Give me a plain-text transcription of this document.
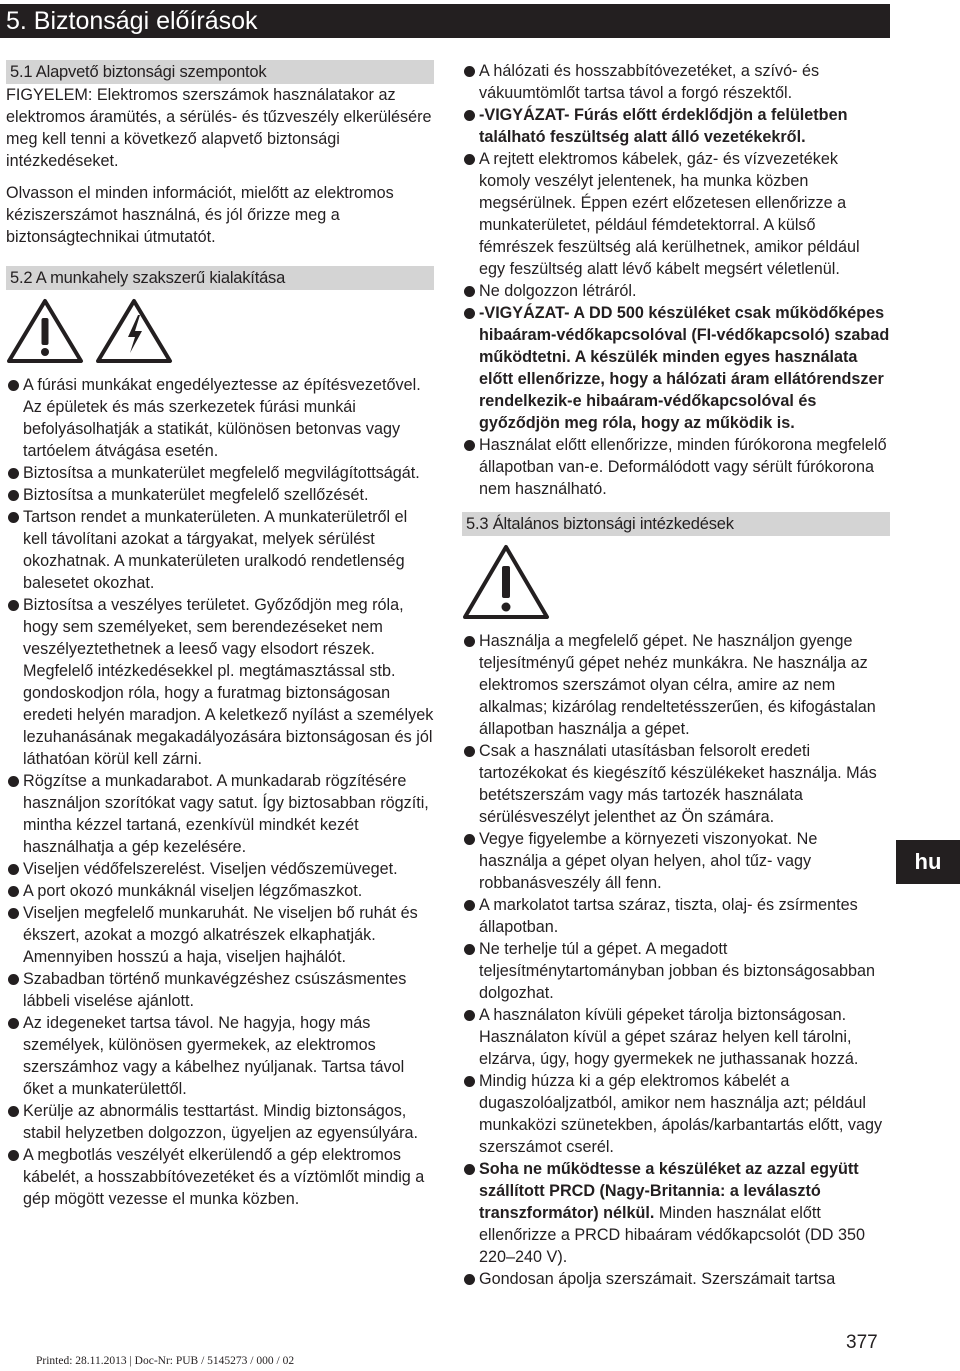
5. Biztonsági előírások
5.1 Alapvető biztonsági szempontok

FIGYELEM: Elektromos szerszámok használatakor az elektromos áramütés, a sérülés- és tűzveszély elkerülésére meg kell tenni a következő alapvető biztonsági intézkedéseket.

Olvasson el minden információt, mielőtt az elektromos kéziszerszámot használná, és jól őrizze meg a biztonságtechnikai útmutatót.

5.2 A munkahely szakszerű kialakítása

A fúrási munkákat engedélyeztesse az építésvezetővel. Az épületek és más szerkezetek fúrási munkái befolyásolhatják a statikát, különösen betonvas vagy tartóelem átvágása esetén.
Biztosítsa a munkaterület megfelelő megvilágítottságát.
Biztosítsa a munkaterület megfelelő szellőzését.
Tartson rendet a munkaterületen. A munkaterületről el kell távolítani azokat a tárgyakat, melyek sérülést okozhatnak. A munkaterületen uralkodó rendetlenség balesetet okozhat.
Biztosítsa a veszélyes területet. Győződjön meg róla, hogy sem személyeket, sem berendezéseket nem veszélyeztethetnek a leeső vagy elsodort részek. Megfelelő intézkedésekkel pl. megtámasztással stb. gondoskodjon róla, hogy a furatmag biztonságosan eredeti helyén maradjon. A keletkező nyílást a személyek lezuhanásának megakadályozására biztonságosan és jól láthatóan körül kell zárni.
Rögzítse a munkadarabot. A munkadarab rögzítésére használjon szorítókat vagy satut. Így biztosabban rögzíti, mintha kézzel tartaná, ezenkívül mindkét kezét használhatja a gép kezelésére.
Viseljen védőfelszerelést. Viseljen védőszemüveget.
A port okozó munkáknál viseljen légzőmaszkot.
Viseljen megfelelő munkaruhát. Ne viseljen bő ruhát és ékszert, azokat a mozgó alkatrészek elkaphatják. Amennyiben hosszú a haja, viseljen hajhálót.
Szabadban történő munkavégzéshez csúszásmentes lábbeli viselése ajánlott.
Az idegeneket tartsa távol. Ne hagyja, hogy más személyek, különösen gyermekek, az elektromos szerszámhoz vagy a kábelhez nyúljanak. Tartsa távol őket a munkaterülettől.
Kerülje az abnormális testtartást. Mindig biztonságos, stabil helyzetben dolgozzon, ügyeljen az egyensúlyára.
A megbotlás veszélyét elkerülendő a gép elektromos kábelét, a hosszabbítóvezetéket és a víztömlőt mindig a gép mögött vezesse el munka közben.
A hálózati és hosszabbítóvezetéket, a szívó- és vákuumtömlőt tartsa távol a forgó részektől.
-VIGYÁZAT- Fúrás előtt érdeklődjön a felületben található feszültség alatt álló vezetékekről.
A rejtett elektromos kábelek, gáz- és vízvezetékek komoly veszélyt jelentenek, ha munka közben megsérülnek. Éppen ezért előzetesen ellenőrizze a munkaterületet, például fémdetektorral. A külső fémrészek feszültség alá kerülhetnek, amikor például egy feszültség alatt lévő kábelt megsért véletlenül.
Ne dolgozzon létráról.
-VIGYÁZAT- A DD 500 készüléket csak működőképes hibaáram-védőkapcsolóval (FI-védőkapcsoló) szabad működtetni. A készülék minden egyes használata előtt ellenőrizze, hogy a hálózati áram ellátórendszer rendelkezik-e hibaáram-védőkapcsolóval és győződjön meg róla, hogy az működik is.
Használat előtt ellenőrizze, minden fúrókorona megfelelő állapotban van-e. Deformálódott vagy sérült fúrókorona nem használható.
5.3 Általános biztonsági intézkedések
Használja a megfelelő gépet. Ne használjon gyenge teljesítményű gépet nehéz munkákra. Ne használja az elektromos szerszámot olyan célra, amire az nem alkalmas; kizárólag rendeltetésszerűen, és kifogástalan állapotban használja a gépet.
Csak a használati utasításban felsorolt eredeti tartozékokat és kiegészítő készülékeket használja. Más betétszerszám vagy más tartozék használata sérülésveszélyt jelenthet az Ön számára.
Vegye figyelembe a környezeti viszonyokat. Ne használja a gépet olyan helyen, ahol tűz- vagy robbanásveszély áll fenn.
A markolatot tartsa száraz, tiszta, olaj- és zsírmentes állapotban.
Ne terhelje túl a gépet. A megadott teljesítménytartományban jobban és biztonságosabban dolgozhat.
A használaton kívüli gépeket tárolja biztonságosan. Használaton kívül a gépet száraz helyen kell tárolni, elzárva, úgy, hogy gyermekek ne juthassanak hozzá.
Mindig húzza ki a gép elektromos kábelét a dugaszolóaljzatból, amikor nem használja azt; például munkaközi szünetekben, ápolás/karbantartás előtt, vagy szerszámot cserél.
Soha ne működtesse a készüléket az azzal együtt szállított PRCD (Nagy-Britannia: a leválasztó transzformátor) nélkül. Minden használat előtt ellenőrizze a PRCD hibaáram védőkapcsolót (DD 350 220–240 V).
Gondosan ápolja szerszámait. Szerszámait tartsa
hu
377
Printed: 28.11.2013 | Doc-Nr: PUB / 5145273 / 000 / 02
